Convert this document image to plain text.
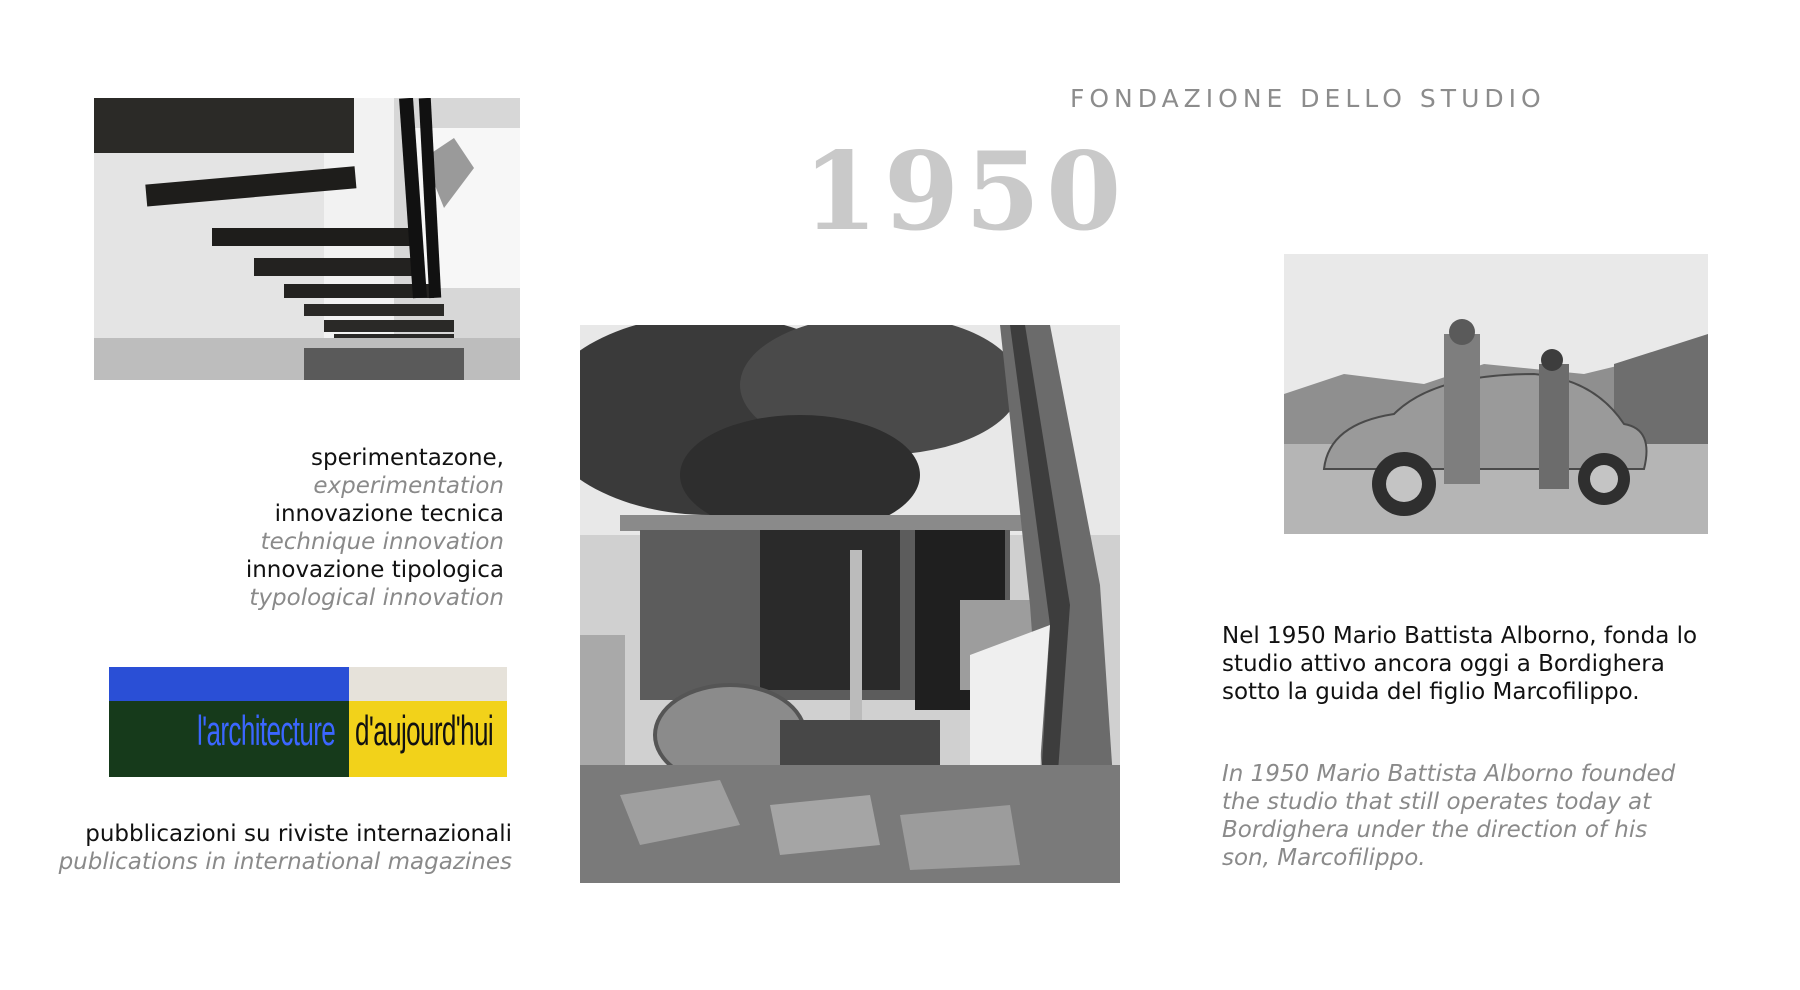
FONDAZIONE DELLO STUDIO
1950
sperimentazone,
experimentation
innovazione tecnica
technique innovation
innovazione tipologica
typological innovation
l'architecture d'aujourd'hui
pubblicazioni su riviste internazionali
publications in international magazines
Nel 1950 Mario Battista Alborno, fonda lo studio attivo ancora oggi a Bordighera sotto la guida del figlio Marcofilippo.
In 1950 Mario Battista Alborno founded the studio that still operates today at Bordighera under the direction of his son, Marcofilippo.
